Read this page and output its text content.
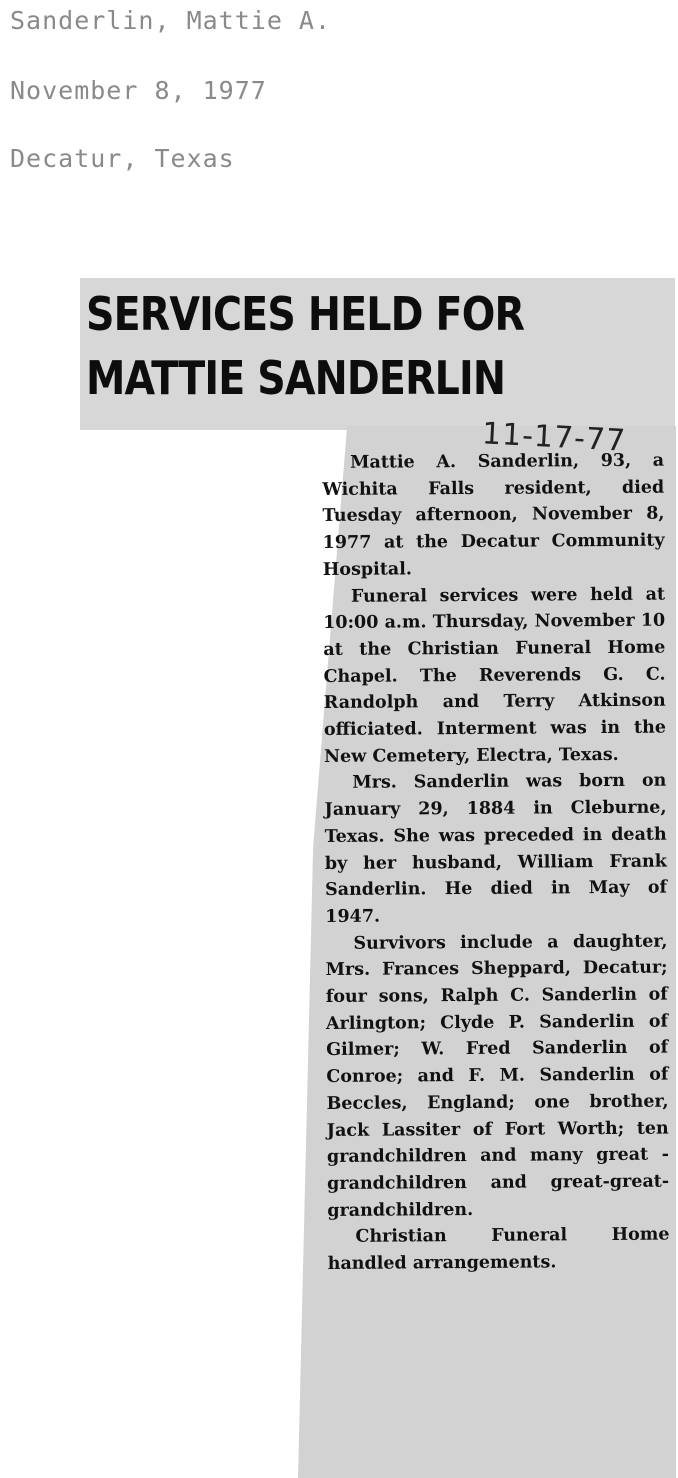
Sanderlin, Mattie A.
November 8, 1977
Decatur, Texas
SERVICES HELD FOR
MATTIE SANDERLIN
11-17-77

Mattie A. Sanderlin, 93, a Wichita Falls resident, died Tuesday afternoon, November 8, 1977 at the Decatur Community Hospital.

Funeral services were held at 10:00 a.m. Thursday, November 10 at the Christian Funeral Home Chapel. The Reverends G. C. Randolph and Terry Atkinson officiated. Interment was in the New Cemetery, Electra, Texas.

Mrs. Sanderlin was born on January 29, 1884 in Cleburne, Texas. She was preceded in death by her husband, William Frank Sanderlin. He died in May of 1947.

Survivors include a daughter, Mrs. Frances Sheppard, Decatur; four sons, Ralph C. Sanderlin of Arlington; Clyde P. Sanderlin of Gilmer; W. Fred Sanderlin of Conroe; and F. M. Sanderlin of Beccles, England; one brother, Jack Lassiter of Fort Worth; ten grandchildren and many great - grandchildren and great-great-grandchildren.

Christian Funeral Home handled arrangements.
